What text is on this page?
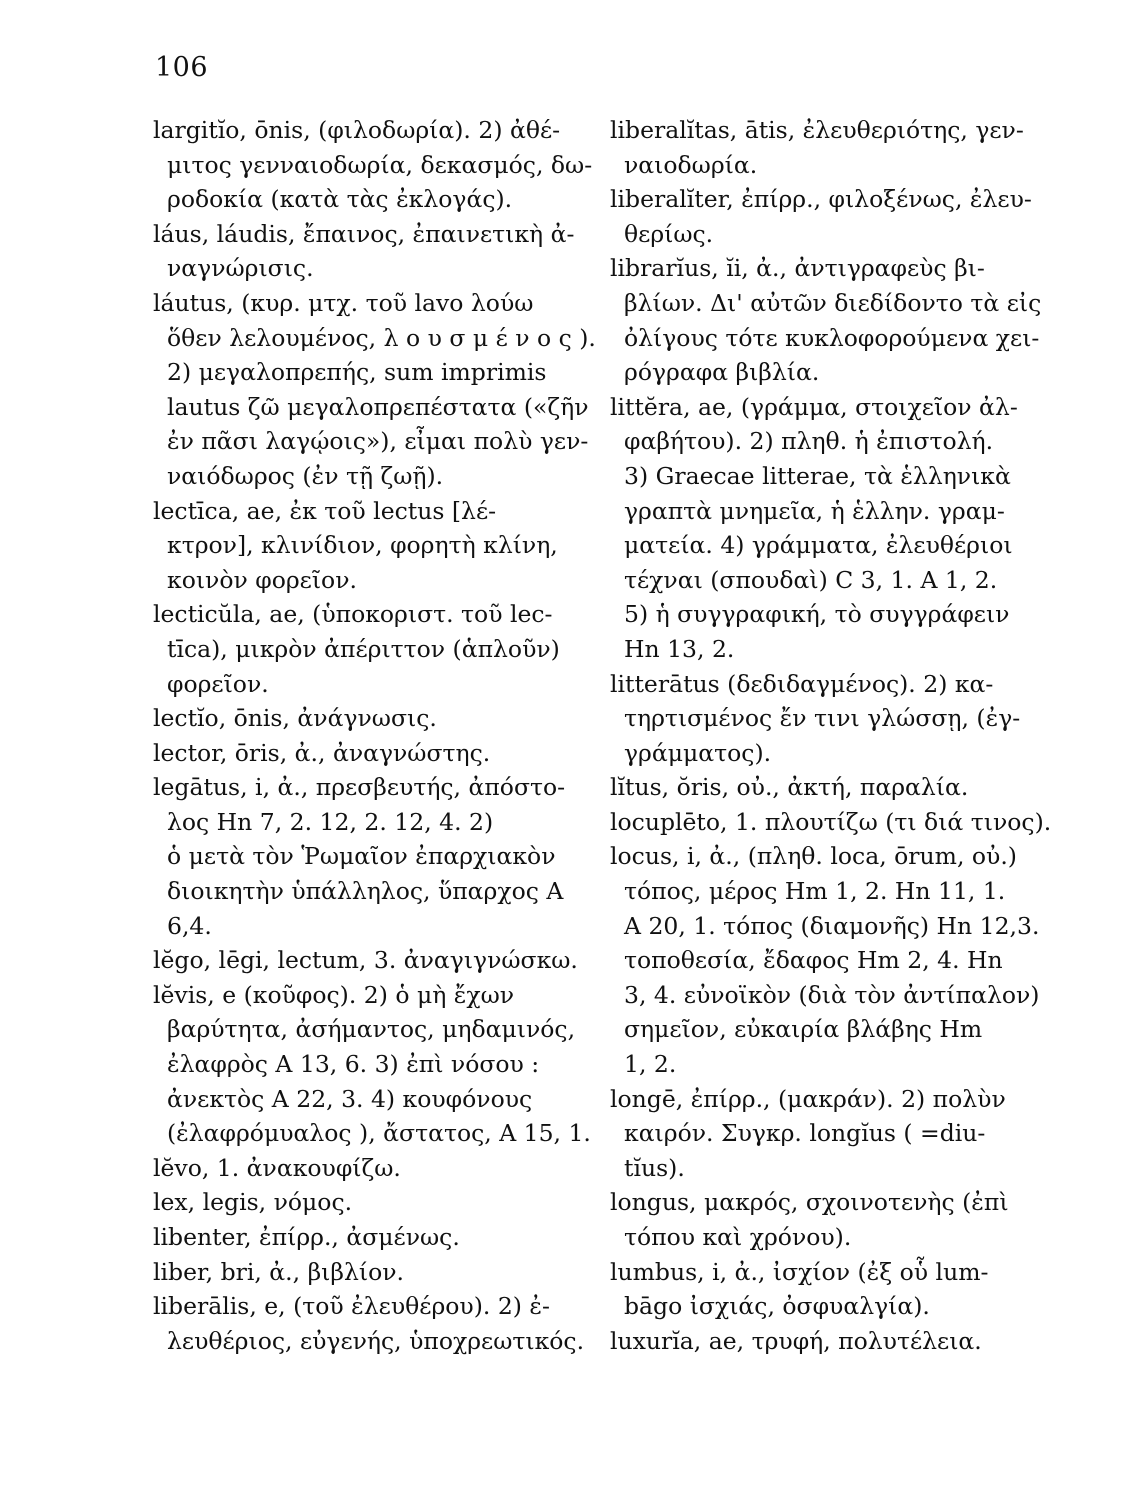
106
largitĭo, ōnis, (φιλοδωρία). 2) ἀθέ-
μιτος γενναιοδωρία, δεκασμός, δω-
ροδοκία (κατὰ τὰς ἐκλογάς).
láus, láudis, ἔπαινος, ἐπαινετικὴ ἀ-
ναγνώρισις.
láutus, (κυρ. μτχ. τοῦ lavo λούω
ὅθεν λελουμένος, λ ο υ σ μ έ ν ο ς ).
2) μεγαλοπρεπής, sum imprimis
lautus ζῶ μεγαλοπρεπέστατα («ζῆν
ἐν πᾶσι λαγῴοις»), εἶμαι πολὺ γεν-
ναιόδωρος (ἐν τῇ ζωῇ).
lectīca, ae, ἐκ τοῦ lectus [λέ-
κτρον], κλινίδιον, φορητὴ κλίνη,
κοινὸν φορεῖον.
lecticŭla, ae, (ὑποκοριστ. τοῦ lec-
tīca), μικρὸν ἀπέριττον (ἁπλοῦν)
φορεῖον.
lectĭo, ōnis, ἀνάγνωσις.
lector, ōris, ἀ., ἀναγνώστης.
legātus, i, ἀ., πρεσβευτής, ἀπόστο-
λος Hn 7, 2. 12, 2. 12, 4. 2)
ὁ μετὰ τὸν Ῥωμαῖον ἐπαρχιακὸν
διοικητὴν ὑπάλληλος, ὕπαρχος A
6,4.
lĕgo, lēgi, lectum, 3. ἀναγιγνώσκω.
lĕvis, e (κοῦφος). 2) ὁ μὴ ἔχων
βαρύτητα, ἀσήμαντος, μηδαμινός,
ἐλαφρὸς A 13, 6. 3) ἐπὶ νόσου :
ἀνεκτὸς A 22, 3. 4) κουφόνους
(ἐλαφρόμυαλος ), ἄστατος, A 15, 1.
lĕvo, 1. ἀνακουφίζω.
lex, legis, νόμος.
libenter, ἐπίρρ., ἀσμένως.
liber, bri, ἀ., βιβλίον.
liberālis, e, (τοῦ ἐλευθέρου). 2) ἐ-
λευθέριος, εὐγενής, ὑποχρεωτικός.
liberalĭtas, ātis, ἐλευθεριότης, γεν-
ναιοδωρία.
liberalĭter, ἐπίρρ., φιλοξένως, ἐλευ-
θερίως.
librarĭus, ĭi, ἀ., ἀντιγραφεὺς βι-
βλίων. Δι' αὐτῶν διεδίδοντο τὰ εἰς
ὀλίγους τότε κυκλοφορούμενα χει-
ρόγραφα βιβλία.
littĕra, ae, (γράμμα, στοιχεῖον ἀλ-
φαβήτου). 2) πληθ. ἡ ἐπιστολή.
3) Graecae litterae, τὰ ἑλληνικὰ
γραπτὰ μνημεῖα, ἡ ἑλλην. γραμ-
ματεία. 4) γράμματα, ἐλευθέριοι
τέχναι (σπουδαὶ) C 3, 1. A 1, 2.
5) ἡ συγγραφική, τὸ συγγράφειν
Hn 13, 2.
litterātus (δεδιδαγμένος). 2) κα-
τηρτισμένος ἔν τινι γλώσσῃ, (ἐγ-
γράμματος).
lĭtus, ŏris, οὐ., ἀκτή, παραλία.
locuplēto, 1. πλουτίζω (τι διά τινος).
locus, i, ἀ., (πληθ. loca, ōrum, οὐ.)
τόπος, μέρος Hm 1, 2. Hn 11, 1.
A 20, 1. τόπος (διαμονῆς) Hn 12,3.
τοποθεσία, ἔδαφος Hm 2, 4. Hn
3, 4. εὐνοϊκὸν (διὰ τὸν ἀντίπαλον)
σημεῖον, εὐκαιρία βλάβης Hm
1, 2.
longē, ἐπίρρ., (μακράν). 2) πολὺν
καιρόν. Συγκρ. longĭus ( =diu-
tĭus).
longus, μακρός, σχοινοτενὴς (ἐπὶ
τόπου καὶ χρόνου).
lumbus, i, ἀ., ἰσχίον (ἐξ οὗ lum-
bāgo ἰσχιάς, ὀσφυαλγία).
luxurĭa, ae, τρυφή, πολυτέλεια.
